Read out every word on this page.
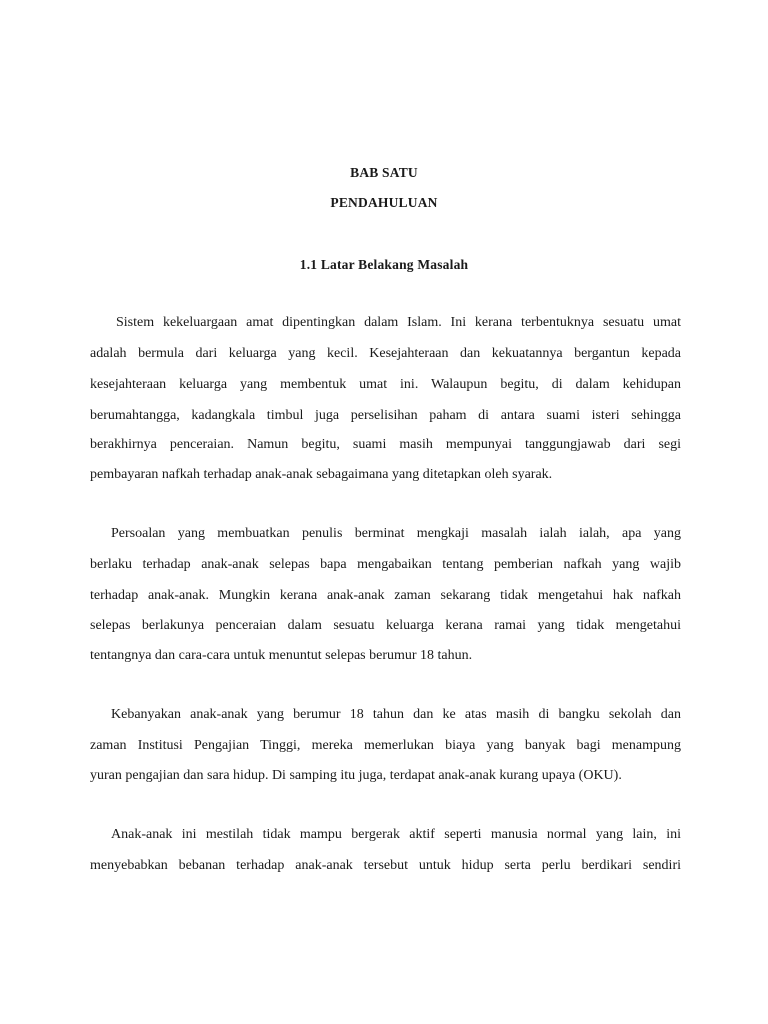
BAB SATU
PENDAHULUAN
1.1 Latar Belakang Masalah
Sistem kekeluargaan amat dipentingkan dalam Islam. Ini kerana terbentuknya sesuatu umat
adalah bermula dari keluarga yang kecil. Kesejahteraan dan kekuatannya bergantun kepada
kesejahteraan keluarga yang membentuk umat ini. Walaupun begitu, di dalam kehidupan
berumahtangga, kadangkala timbul juga perselisihan paham di antara suami isteri sehingga
berakhirnya penceraian. Namun begitu, suami masih mempunyai tanggungjawab dari segi
pembayaran nafkah terhadap anak-anak sebagaimana yang ditetapkan oleh syarak.
Persoalan yang membuatkan penulis berminat mengkaji masalah ialah ialah, apa yang
berlaku terhadap anak-anak selepas bapa mengabaikan tentang pemberian nafkah yang wajib
terhadap anak-anak. Mungkin kerana anak-anak zaman sekarang tidak mengetahui hak nafkah
selepas berlakunya penceraian dalam sesuatu keluarga kerana ramai yang tidak mengetahui
tentangnya dan cara-cara untuk menuntut selepas berumur 18 tahun.
Kebanyakan anak-anak yang berumur 18 tahun dan ke atas masih di bangku sekolah dan
zaman Institusi Pengajian Tinggi, mereka memerlukan biaya yang banyak bagi menampung
yuran pengajian dan sara hidup. Di samping itu juga, terdapat anak-anak kurang upaya (OKU).
Anak-anak ini mestilah tidak mampu bergerak aktif seperti manusia normal yang lain, ini
menyebabkan bebanan terhadap anak-anak tersebut untuk hidup serta perlu berdikari sendiri
